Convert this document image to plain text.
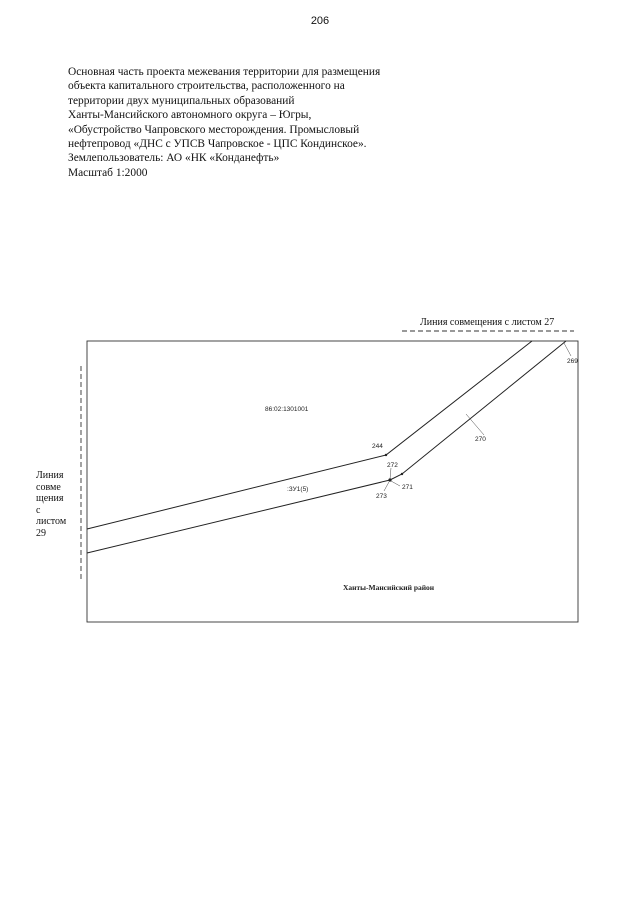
206
Основная часть проекта межевания территории для размещения
объекта капитального строительства, расположенного на
территории двух муниципальных образований
Ханты-Мансийского автономного округа – Югры,
«Обустройство Чапровского месторождения. Промысловый
нефтепровод «ДНС с УПСВ Чапровское - ЦПС Кондинское».
Землепользователь: АО «НК «Конданефть»
Масштаб 1:2000
86:02:1301001
:ЗУ1(5)
244
272
273
271
270
269
Ханты-Мансийский район
Линия совмещения с листом 27
Линия
совме
щения
с
листом
29
